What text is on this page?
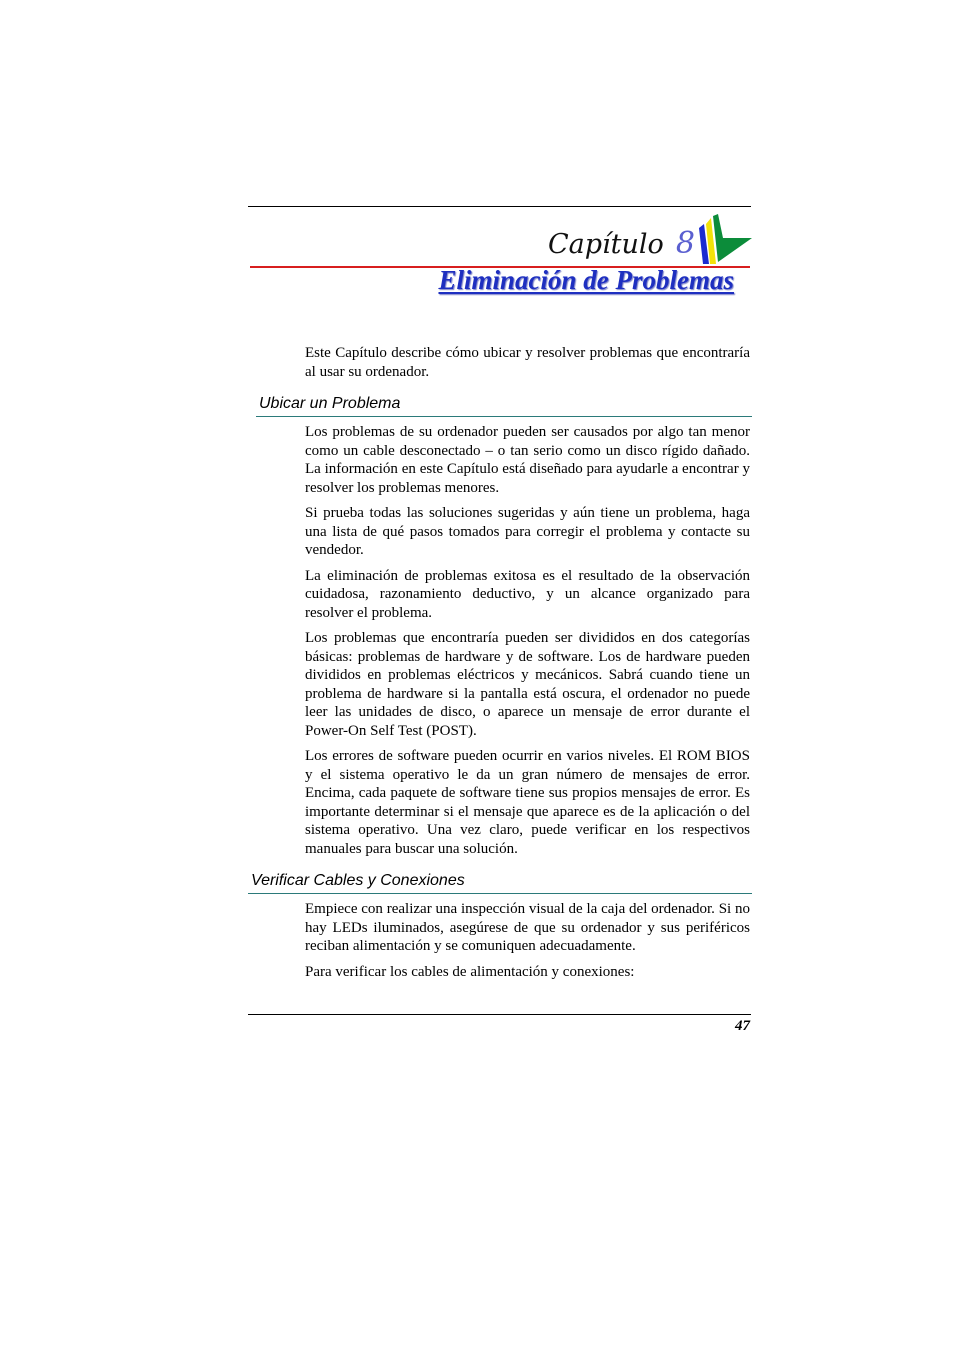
Capítulo 8
Eliminación de Problemas

Este Capítulo describe cómo ubicar y resolver problemas que encontraría al usar su ordenador.

Ubicar un Problema

Los problemas de su ordenador pueden ser causados por algo tan menor como un cable desconectado – o tan serio como un disco rígido dañado. La información en este Capítulo está diseñado para ayudarle a encontrar y resolver los problemas menores.

Si prueba todas las soluciones sugeridas y aún tiene un problema, haga una lista de qué pasos tomados para corregir el problema y contacte su vendedor.

La eliminación de problemas exitosa es el resultado de la observación cuidadosa, razonamiento deductivo, y un alcance organizado para resolver el problema.

Los problemas que encontraría pueden ser divididos en dos categorías básicas: problemas de hardware y de software. Los de hardware pueden divididos en problemas eléctricos y mecánicos. Sabrá cuando tiene un problema de hardware si la pantalla está oscura, el ordenador no puede leer las unidades de disco, o aparece un mensaje de error durante el Power-On Self Test (POST).

Los errores de software pueden ocurrir en varios niveles. El ROM BIOS y el sistema operativo le da un gran número de mensajes de error. Encima, cada paquete de software tiene sus propios mensajes de error. Es importante determinar si el mensaje que aparece es de la aplicación o del sistema operativo. Una vez claro, puede verificar en los respectivos manuales para buscar una solución.

Verificar Cables y Conexiones

Empiece con realizar una inspección visual de la caja del ordenador. Si no hay LEDs iluminados, asegúrese de que su ordenador y sus periféricos reciban alimentación y se comuniquen adecuadamente.

Para verificar los cables de alimentación y conexiones:

47
